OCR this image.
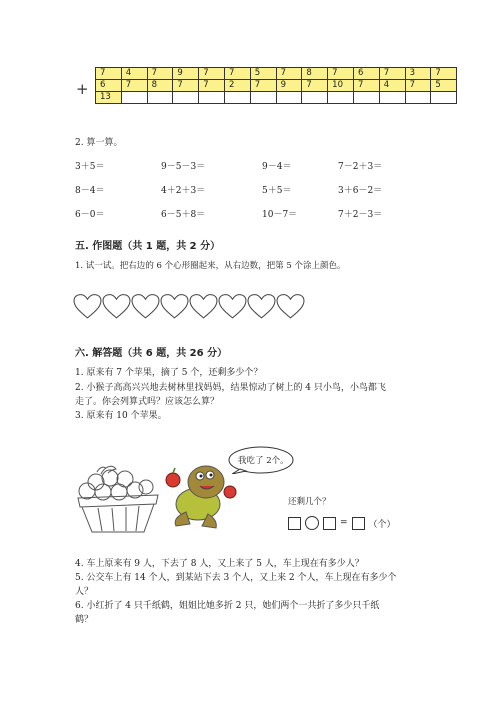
+
7	4	7	9	7	7	5	7	8	7	6	7	3	7
6	7	8	7	7	2	7	9	7	10	7	4	7	5
13													
2. 算一算。
3＋5＝	9－5－3＝	9－4＝	7－2＋3＝
8－4＝	4＋2＋3＝	5＋5＝	3＋6－2＝
6－0＝	6－5＋8＝	10－7＝	7＋2－3＝
五. 作图题（共 1 题，共 2 分）
1. 试一试。把右边的 6 个心形圈起来，从右边数，把第 5 个涂上颜色。
六. 解答题（共 6 题，共 26 分）
1. 原来有 7 个苹果，摘了 5 个，还剩多少个？
2. 小猴子高高兴兴地去树林里找妈妈，结果惊动了树上的 4 只小鸟，小鸟都飞
走了。你会列算式吗？应该怎么算？
3. 原来有 10 个苹果。
我吃了 2个。
还剩几个？
= （个）
4. 车上原来有 9 人，下去了 8 人，又上来了 5 人，车上现在有多少人？
5. 公交车上有 14 个人，到某站下去 3 个人，又上来 2 个人，车上现在有多少个
人？
6. 小红折了 4 只千纸鹤，姐姐比她多折 2 只，她们两个一共折了多少只千纸
鹤？
